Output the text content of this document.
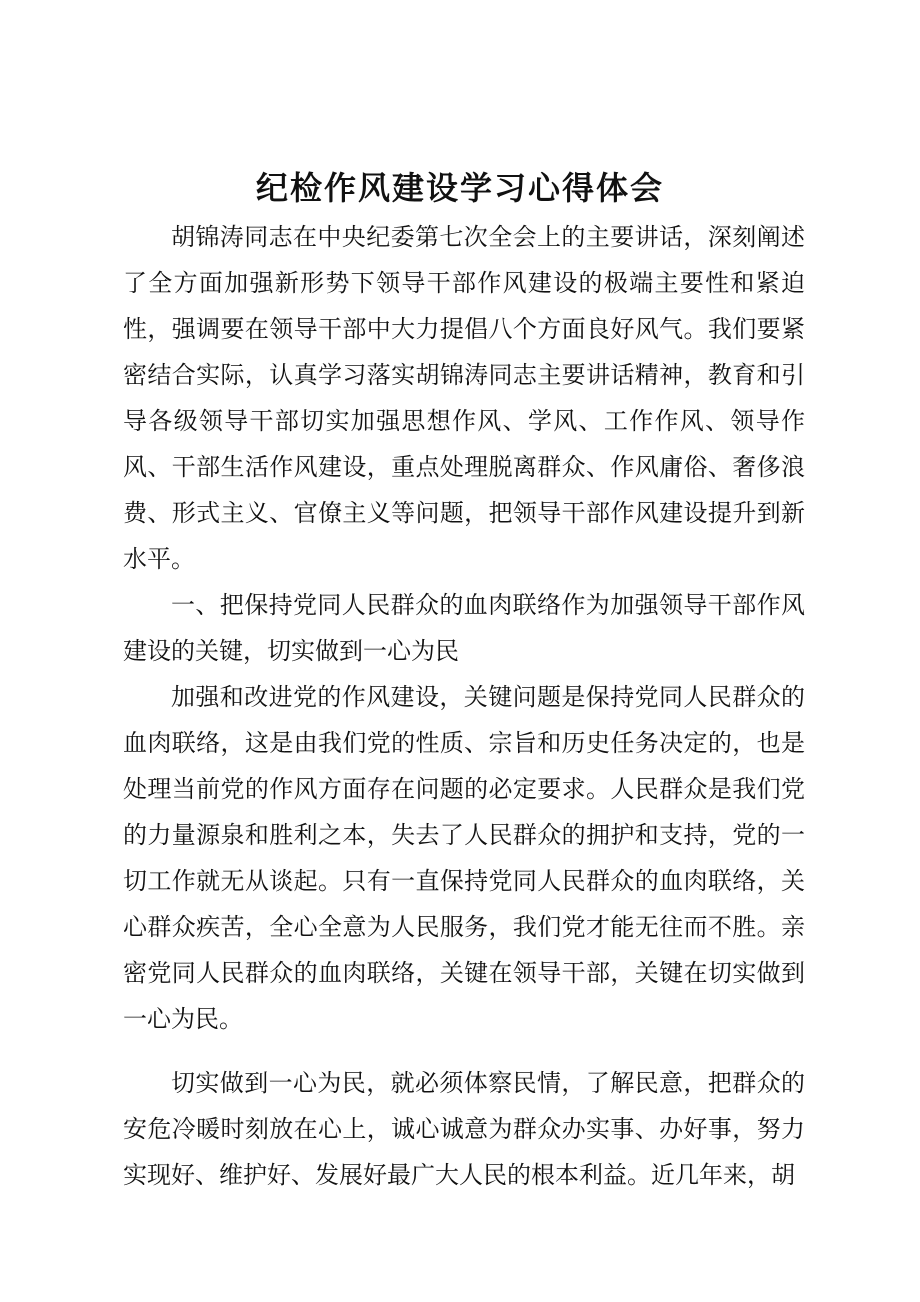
纪检作风建设学习心得体会

胡锦涛同志在中央纪委第七次全会上的主要讲话，深刻阐述了全方面加强新形势下领导干部作风建设的极端主要性和紧迫性，强调要在领导干部中大力提倡八个方面良好风气。我们要紧密结合实际，认真学习落实胡锦涛同志主要讲话精神，教育和引导各级领导干部切实加强思想作风、学风、工作作风、领导作风、干部生活作风建设，重点处理脱离群众、作风庸俗、奢侈浪费、形式主义、官僚主义等问题，把领导干部作风建设提升到新水平。

一、把保持党同人民群众的血肉联络作为加强领导干部作风建设的关键，切实做到一心为民

加强和改进党的作风建设，关键问题是保持党同人民群众的血肉联络，这是由我们党的性质、宗旨和历史任务决定的，也是处理当前党的作风方面存在问题的必定要求。人民群众是我们党的力量源泉和胜利之本，失去了人民群众的拥护和支持，党的一切工作就无从谈起。只有一直保持党同人民群众的血肉联络，关心群众疾苦，全心全意为人民服务，我们党才能无往而不胜。亲密党同人民群众的血肉联络，关键在领导干部，关键在切实做到一心为民。

切实做到一心为民，就必须体察民情，了解民意，把群众的安危冷暖时刻放在心上，诚心诚意为群众办实事、办好事，努力实现好、维护好、发展好最广大人民的根本利益。近几年来，胡
